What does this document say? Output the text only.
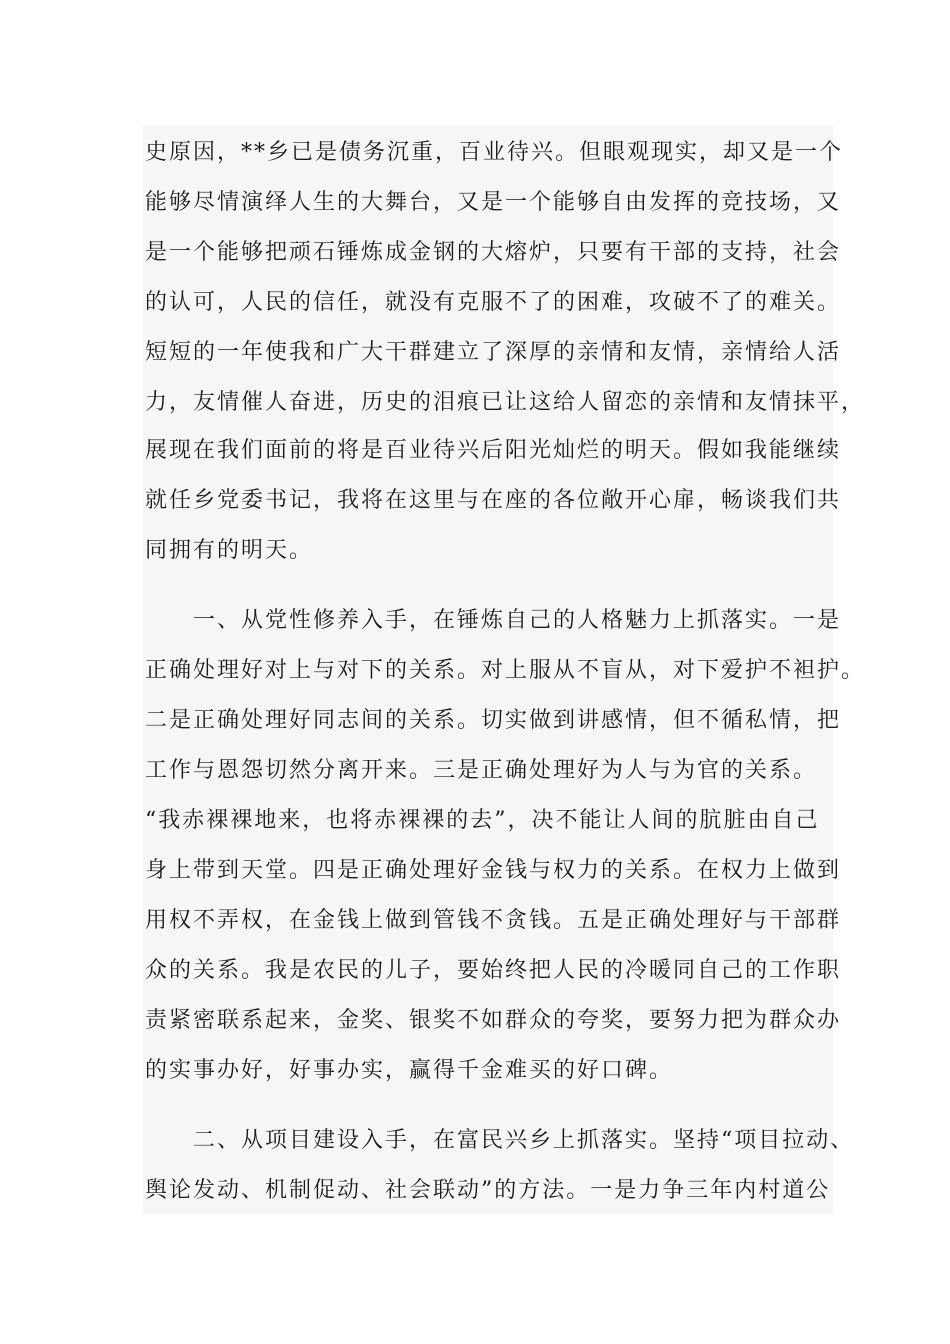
史原因，**乡已是债务沉重，百业待兴。但眼观现实，却又是一个
能够尽情演绎人生的大舞台，又是一个能够自由发挥的竞技场，又
是一个能够把顽石锤炼成金钢的大熔炉，只要有干部的支持，社会
的认可，人民的信任，就没有克服不了的困难，攻破不了的难关。
短短的一年使我和广大干群建立了深厚的亲情和友情，亲情给人活
力，友情催人奋进，历史的泪痕已让这给人留恋的亲情和友情抹平，
展现在我们面前的将是百业待兴后阳光灿烂的明天。假如我能继续
就任乡党委书记，我将在这里与在座的各位敞开心扉，畅谈我们共
同拥有的明天。
　　一、从党性修养入手，在锤炼自己的人格魅力上抓落实。一是
正确处理好对上与对下的关系。对上服从不盲从，对下爱护不袒护。
二是正确处理好同志间的关系。切实做到讲感情，但不循私情，把
工作与恩怨切然分离开来。三是正确处理好为人与为官的关系。
“我赤裸裸地来，也将赤裸裸的去”，决不能让人间的肮脏由自己
身上带到天堂。四是正确处理好金钱与权力的关系。在权力上做到
用权不弄权，在金钱上做到管钱不贪钱。五是正确处理好与干部群
众的关系。我是农民的儿子，要始终把人民的冷暖同自己的工作职
责紧密联系起来，金奖、银奖不如群众的夸奖，要努力把为群众办
的实事办好，好事办实，赢得千金难买的好口碑。
　　二、从项目建设入手，在富民兴乡上抓落实。坚持“项目拉动、
舆论发动、机制促动、社会联动”的方法。一是力争三年内村道公
